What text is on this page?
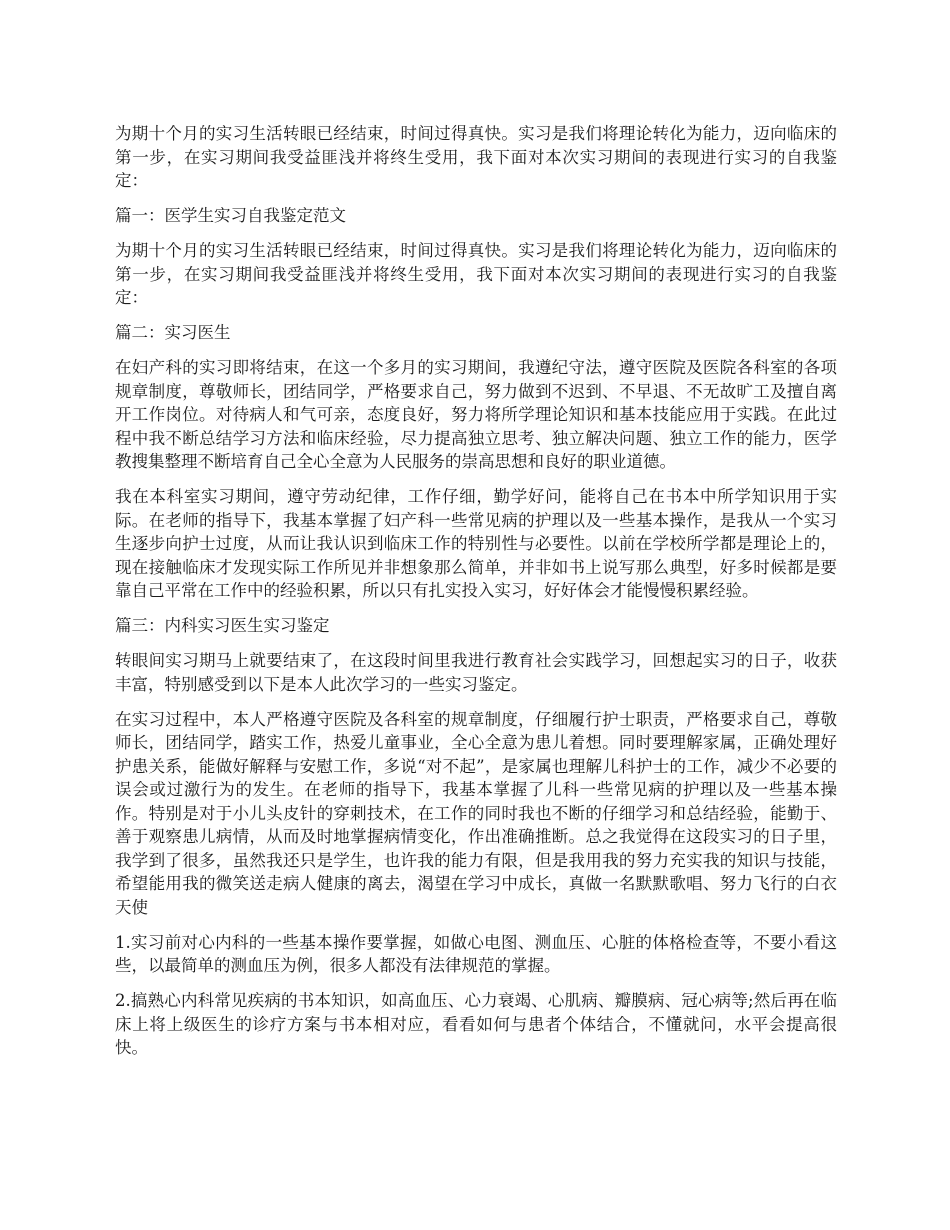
为期十个月的实习生活转眼已经结束，时间过得真快。实习是我们将理论转化为能力，迈向临床的第一步，在实习期间我受益匪浅并将终生受用，我下面对本次实习期间的表现进行实习的自我鉴定：

篇一：医学生实习自我鉴定范文

为期十个月的实习生活转眼已经结束，时间过得真快。实习是我们将理论转化为能力，迈向临床的第一步，在实习期间我受益匪浅并将终生受用，我下面对本次实习期间的表现进行实习的自我鉴定：

篇二：实习医生

在妇产科的实习即将结束，在这一个多月的实习期间，我遵纪守法，遵守医院及医院各科室的各项规章制度，尊敬师长，团结同学，严格要求自己，努力做到不迟到、不早退、不无故旷工及擅自离开工作岗位。对待病人和气可亲，态度良好，努力将所学理论知识和基本技能应用于实践。在此过程中我不断总结学习方法和临床经验，尽力提高独立思考、独立解决问题、独立工作的能力，医学教搜集整理不断培育自己全心全意为人民服务的崇高思想和良好的职业道德。

我在本科室实习期间，遵守劳动纪律，工作仔细，勤学好问，能将自己在书本中所学知识用于实际。在老师的指导下，我基本掌握了妇产科一些常见病的护理以及一些基本操作，是我从一个实习生逐步向护士过度，从而让我认识到临床工作的特别性与必要性。以前在学校所学都是理论上的，现在接触临床才发现实际工作所见并非想象那么简单，并非如书上说写那么典型，好多时候都是要靠自己平常在工作中的经验积累，所以只有扎实投入实习，好好体会才能慢慢积累经验。

篇三：内科实习医生实习鉴定

转眼间实习期马上就要结束了，在这段时间里我进行教育社会实践学习，回想起实习的日子，收获丰富，特别感受到以下是本人此次学习的一些实习鉴定。

在实习过程中，本人严格遵守医院及各科室的规章制度，仔细履行护士职责，严格要求自己，尊敬师长，团结同学，踏实工作，热爱儿童事业，全心全意为患儿着想。同时要理解家属，正确处理好护患关系，能做好解释与安慰工作，多说“对不起”，是家属也理解儿科护士的工作，减少不必要的误会或过激行为的发生。在老师的指导下，我基本掌握了儿科一些常见病的护理以及一些基本操作。特别是对于小儿头皮针的穿刺技术，在工作的同时我也不断的仔细学习和总结经验，能勤于、善于观察患儿病情，从而及时地掌握病情变化，作出准确推断。总之我觉得在这段实习的日子里，我学到了很多，虽然我还只是学生，也许我的能力有限，但是我用我的努力充实我的知识与技能，希望能用我的微笑送走病人健康的离去，渴望在学习中成长，真做一名默默歌唱、努力飞行的白衣天使

1.实习前对心内科的一些基本操作要掌握，如做心电图、测血压、心脏的体格检查等，不要小看这些，以最简单的测血压为例，很多人都没有法律规范的掌握。

2.搞熟心内科常见疾病的书本知识，如高血压、心力衰竭、心肌病、瓣膜病、冠心病等;然后再在临床上将上级医生的诊疗方案与书本相对应，看看如何与患者个体结合，不懂就问，水平会提高很快。
